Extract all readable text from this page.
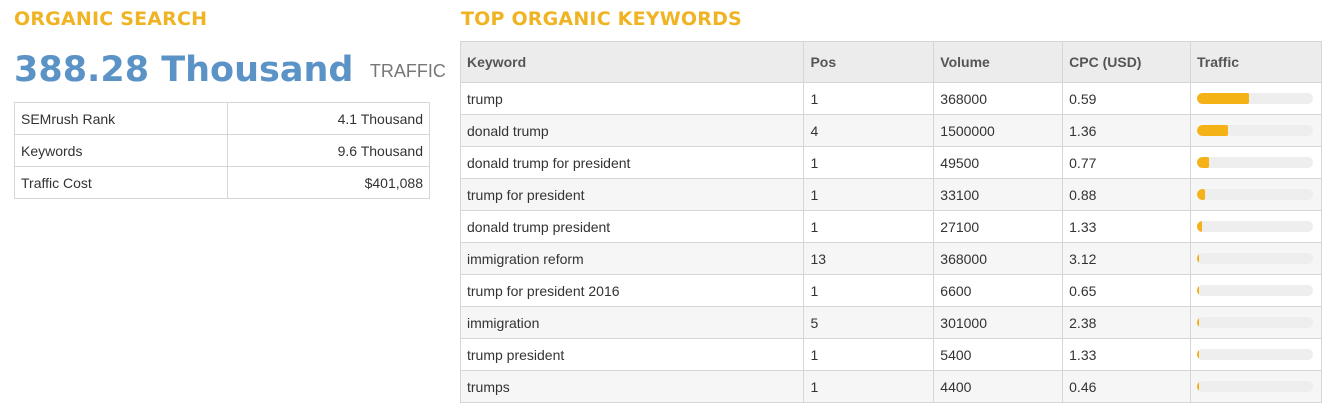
ORGANIC SEARCH
388.28 Thousand TRAFFIC
SEMrush Rank	4.1 Thousand
Keywords	9.6 Thousand
Traffic Cost	$401,088
TOP ORGANIC KEYWORDS
Keyword	Pos	Volume	CPC (USD)	Traffic
trump	1	368000	0.59	

donald trump	4	1500000	1.36	

donald trump for president	1	49500	0.77	

trump for president	1	33100	0.88	

donald trump president	1	27100	1.33	

immigration reform	13	368000	3.12	

trump for president 2016	1	6600	0.65	

immigration	5	301000	2.38	

trump president	1	5400	1.33	

trumps	1	4400	0.46	
